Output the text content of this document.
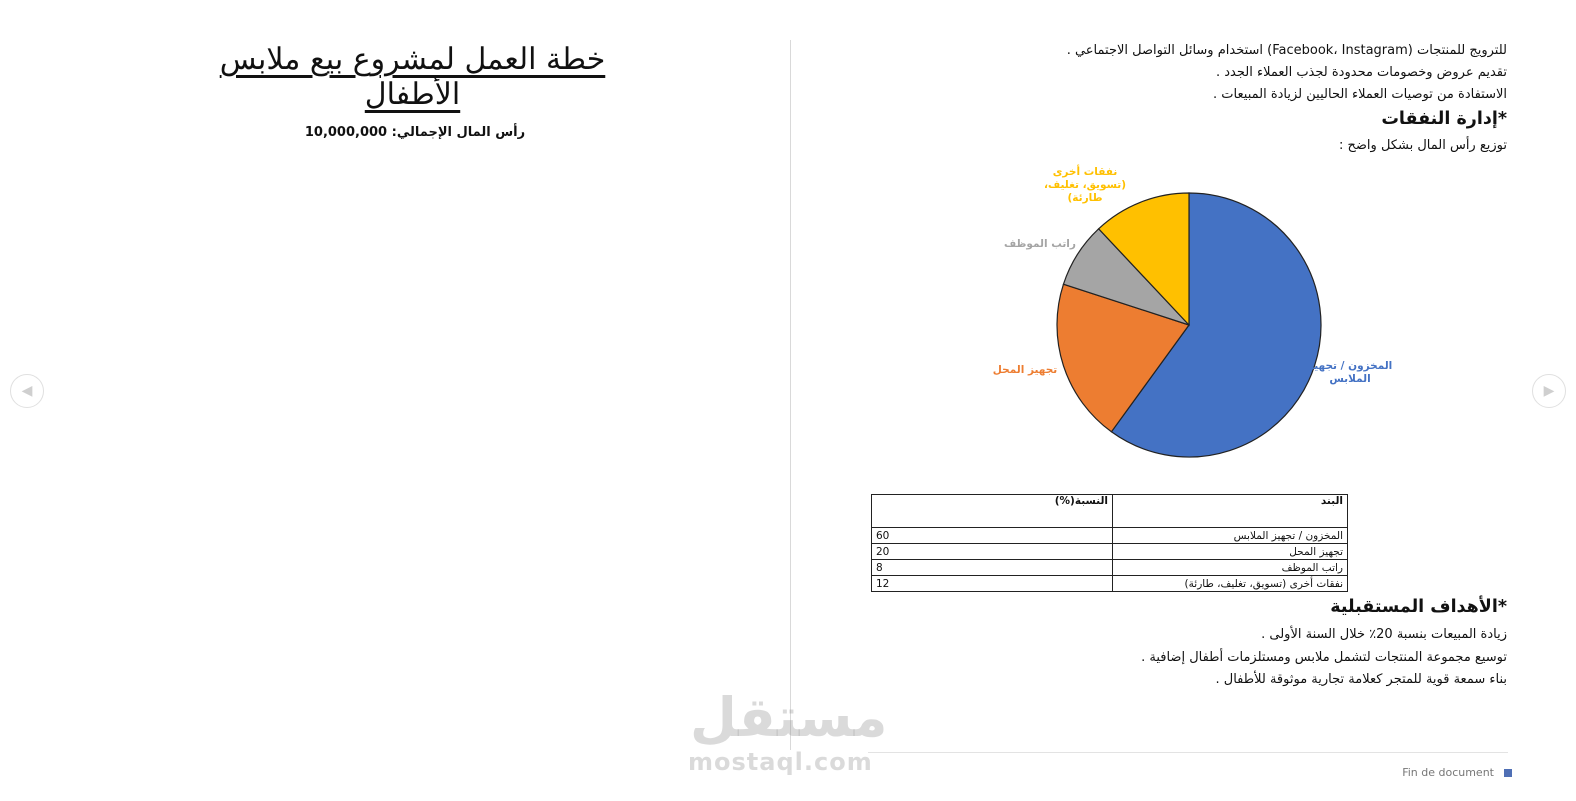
خطة العمل لمشروع بيع ملابس الأطفال
رأس المال الإجمالي: 10,000,000
للترويج للمنتجات (Facebook، Instagram) استخدام وسائل التواصل الاجتماعي .
تقديم عروض وخصومات محدودة لجذب العملاء الجدد .
الاستفادة من توصيات العملاء الحاليين لزيادة المبيعات .
*إدارة النفقات
توزيع رأس المال بشكل واضح :
المخزون / تجهيز الملابس
تجهيز المحل
راتب الموظف
نفقات أخرى (تسويق، تغليف، طارئة)
البند	النسبة(%)
المخزون / تجهيز الملابس	60
تجهيز المحل	20
راتب الموظف	8
نفقات أخرى (تسويق، تغليف، طارئة)	12
*الأهداف المستقبلية
زيادة المبيعات بنسبة 20٪ خلال السنة الأولى .
توسيع مجموعة المنتجات لتشمل ملابس ومستلزمات أطفال إضافية .
بناء سمعة قوية للمتجر كعلامة تجارية موثوقة للأطفال .
Fin de document
مستقل
mostaql.com
◀	▶
